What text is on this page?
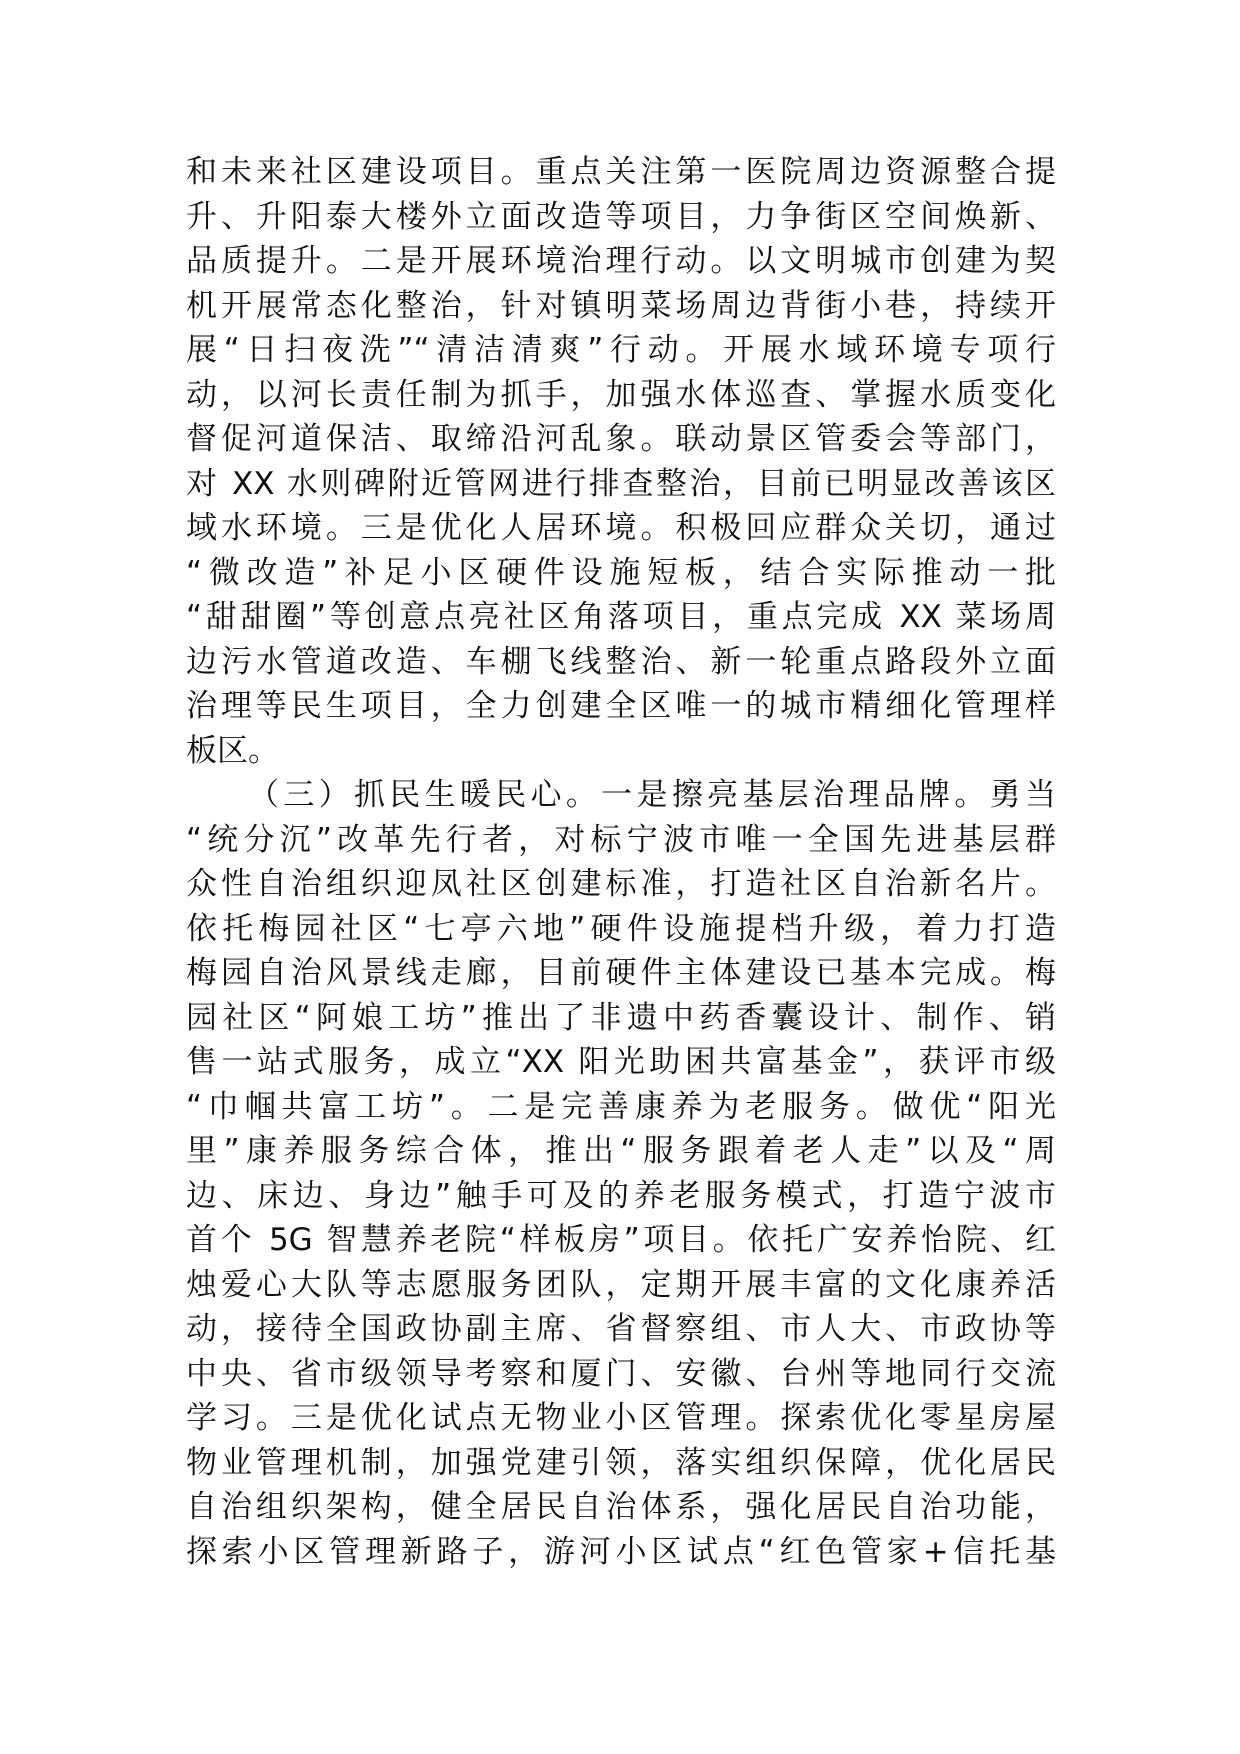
和未来社区建设项目。重点关注第一医院周边资源整合提
升、升阳泰大楼外立面改造等项目，力争街区空间焕新、
品质提升。二是开展环境治理行动。以文明城市创建为契
机开展常态化整治，针对镇明菜场周边背街小巷，持续开
展“日扫夜洗”“清洁清爽”行动。开展水域环境专项行
动，以河长责任制为抓手，加强水体巡查、掌握水质变化
督促河道保洁、取缔沿河乱象。联动景区管委会等部门，
对 XX 水则碑附近管网进行排查整治，目前已明显改善该区
域水环境。三是优化人居环境。积极回应群众关切，通过
“微改造”补足小区硬件设施短板，结合实际推动一批
“甜甜圈”等创意点亮社区角落项目，重点完成 XX 菜场周
边污水管道改造、车棚飞线整治、新一轮重点路段外立面
治理等民生项目，全力创建全区唯一的城市精细化管理样
板区。
（三）抓民生暖民心。一是擦亮基层治理品牌。勇当
“统分沉”改革先行者，对标宁波市唯一全国先进基层群
众性自治组织迎凤社区创建标准，打造社区自治新名片。
依托梅园社区“七亭六地”硬件设施提档升级，着力打造
梅园自治风景线走廊，目前硬件主体建设已基本完成。梅
园社区“阿娘工坊”推出了非遗中药香囊设计、制作、销
售一站式服务，成立“XX 阳光助困共富基金”，获评市级
“巾帼共富工坊”。二是完善康养为老服务。做优“阳光
里”康养服务综合体，推出“服务跟着老人走”以及“周
边、床边、身边”触手可及的养老服务模式，打造宁波市
首个 5G 智慧养老院“样板房”项目。依托广安养怡院、红
烛爱心大队等志愿服务团队，定期开展丰富的文化康养活
动，接待全国政协副主席、省督察组、市人大、市政协等
中央、省市级领导考察和厦门、安徽、台州等地同行交流
学习。三是优化试点无物业小区管理。探索优化零星房屋
物业管理机制，加强党建引领，落实组织保障，优化居民
自治组织架构，健全居民自治体系，强化居民自治功能，
探索小区管理新路子，游河小区试点“红色管家+信托基
